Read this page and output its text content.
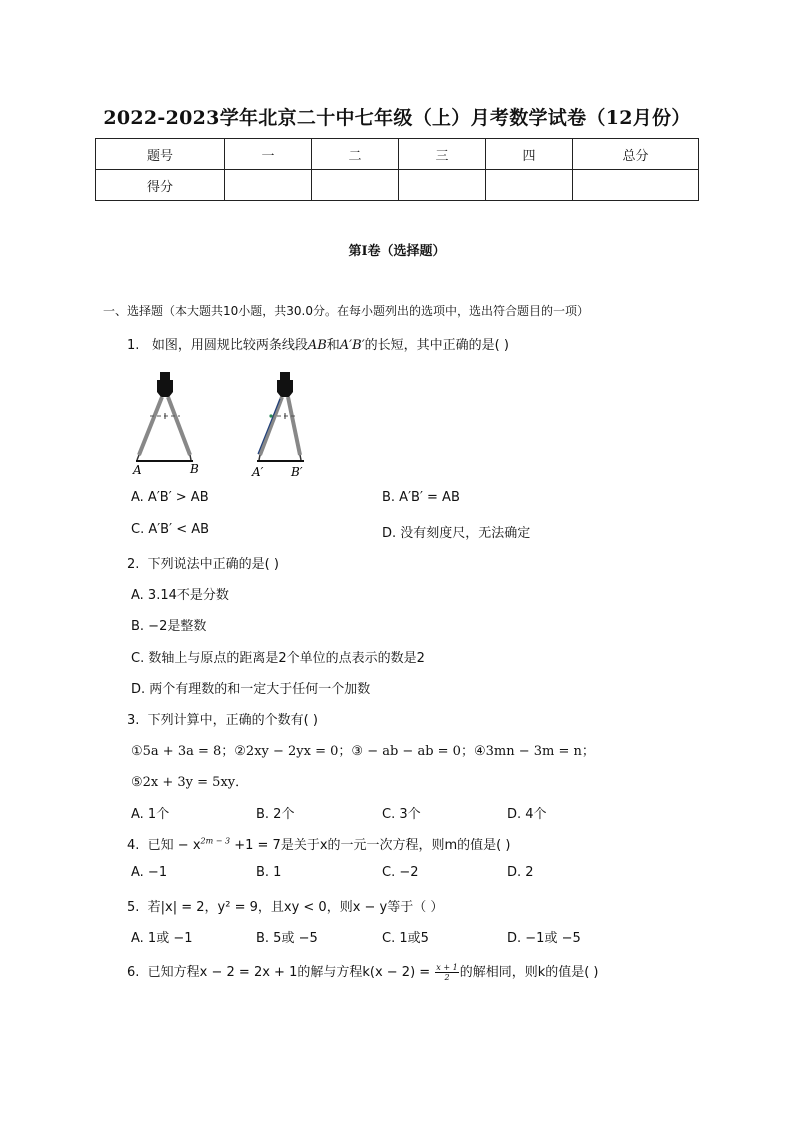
2022-2023学年北京二十中七年级（上）月考数学试卷（12月份）
题号	一	二	三	四	总分
得分					
第Ⅰ卷（选择题）
一、选择题（本大题共10小题，共30.0分。在每小题列出的选项中，选出符合题目的一项）
1. 如图，用圆规比较两条线段AB和A′B′的长短，其中正确的是( )
A	B	A′ B′
A. A′B′ > AB	B. A′B′ = AB
C. A′B′ < AB	D. 没有刻度尺，无法确定
2. 下列说法中正确的是( )
A. 3.14不是分数
B. −2是整数
C. 数轴上与原点的距离是2个单位的点表示的数是2
D. 两个有理数的和一定大于任何一个加数
3. 下列计算中，正确的个数有( )
①5a + 3a = 8；②2xy − 2yx = 0；③ − ab − ab = 0；④3mn − 3m = n；
⑤2x + 3y = 5xy．
A. 1个	B. 2个	C. 3个	D. 4个
4. 已知 − $x^{2m - 3} +1 = 7$是关于x的一元一次方程，则m的值是( )
A. −1	B. 1	C. −2	D. 2
5. 若|x| = 2，y² = 9，且xy < 0，则x − y等于（ ）
A. 1或 −1	B. 5或 −5	C. 1或5	D. −1或 −5
6. 已知方程x − 2 = 2x + 1的解与方程$k(x - 2) = \frac{x + 1}{2}$ 的解相同，则k的值是( )
